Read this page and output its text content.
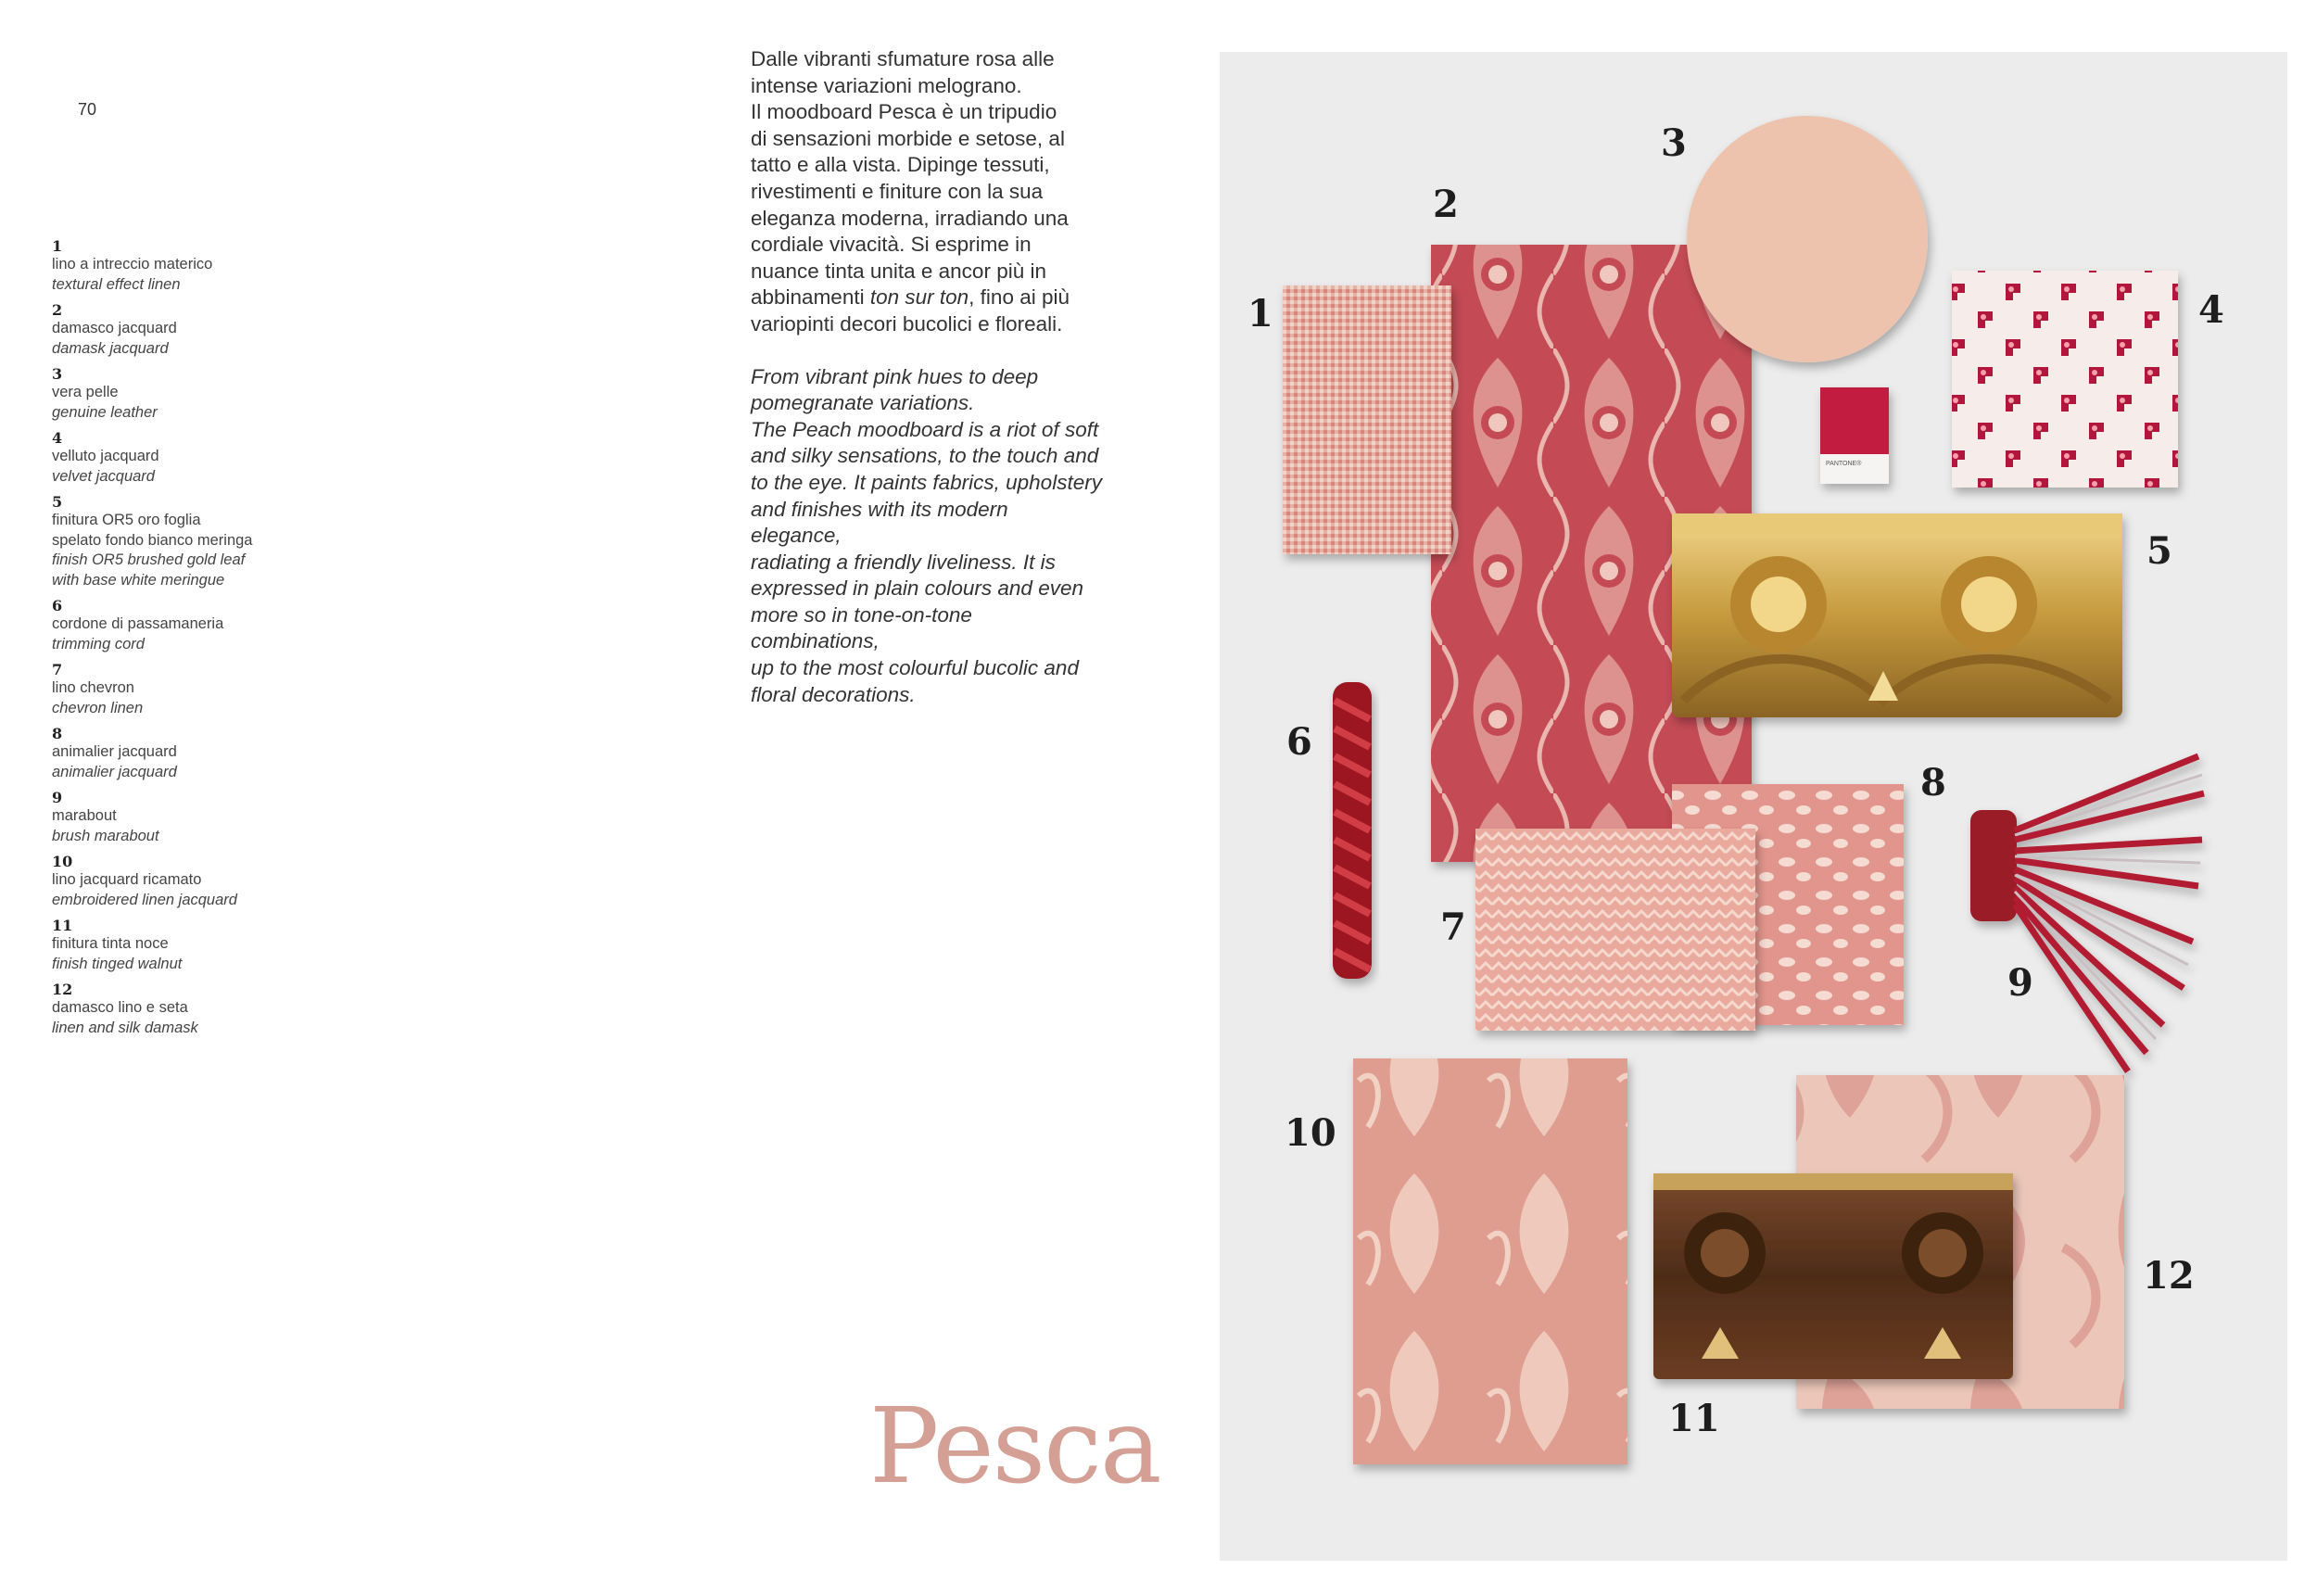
70
1
lino a intreccio materico
textural effect linen
2
damasco jacquard
damask jacquard
3
vera pelle
genuine leather
4
velluto jacquard
velvet jacquard
5
finitura OR5 oro foglia
spelato fondo bianco meringa
finish OR5 brushed gold leaf
with base white meringue
6
cordone di passamaneria
trimming cord
7
lino chevron
chevron linen
8
animalier jacquard
animalier jacquard
9
marabout
brush marabout
10
lino jacquard ricamato
embroidered linen jacquard
11
finitura tinta noce
finish tinged walnut
12
damasco lino e seta
linen and silk damask

Dalle vibranti sfumature rosa alle
intense variazioni melograno.
Il moodboard Pesca è un tripudio
di sensazioni morbide e setose, al
tatto e alla vista. Dipinge tessuti,
rivestimenti e finiture con la sua
eleganza moderna, irradiando una
cordiale vivacità. Si esprime in
nuance tinta unita e ancor più in
abbinamenti ton sur ton, fino ai più
variopinti decori bucolici e floreali.

From vibrant pink hues to deep
pomegranate variations.
The Peach moodboard is a riot of soft
and silky sensations, to the touch and
to the eye. It paints fabrics, upholstery
and finishes with its modern elegance,
radiating a friendly liveliness. It is
expressed in plain colours and even
more so in tone-on-tone combinations,
up to the most colourful bucolic and
floral decorations.

Pesca
PANTONE®
1
2
3
4
5
6
7
8
9
10
11
12
